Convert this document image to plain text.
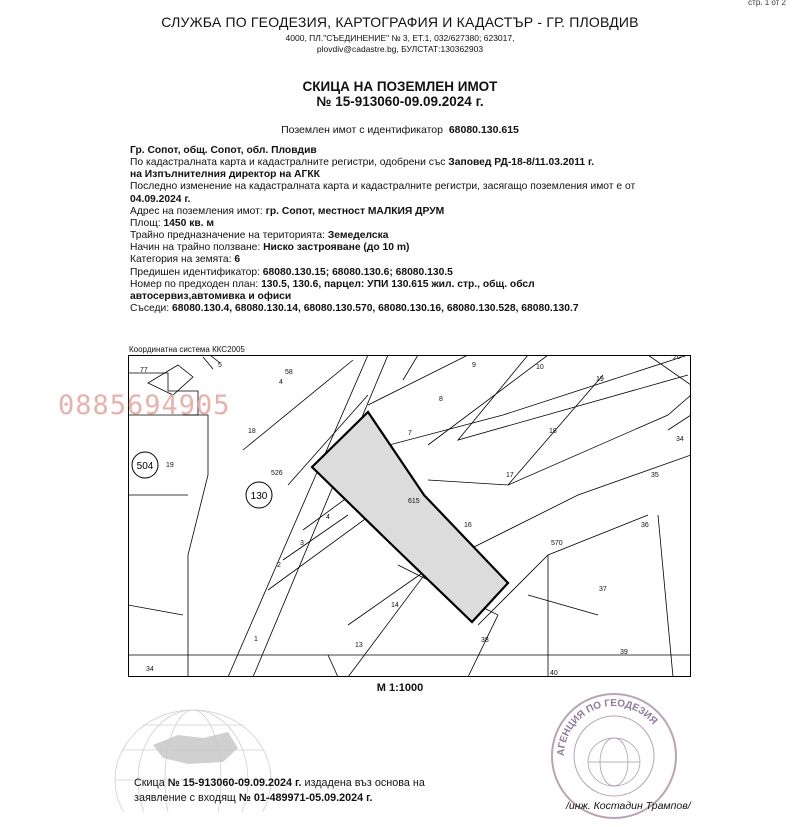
стр. 1 от 2
СЛУЖБА ПО ГЕОДЕЗИЯ, КАРТОГРАФИЯ И КАДАСТЪР - ГР. ПЛОВДИВ
4000, ПЛ."СЪЕДИНЕНИЕ" № 3, ЕТ.1, 032/627380; 623017,
plovdiv@cadastre.bg, БУЛСТАТ:130362903
СКИЦА НА ПОЗЕМЛЕН ИМОТ
№ 15-913060-09.09.2024 г.
Поземлен имот с идентификатор 68080.130.615
Гр. Сопот, общ. Сопот, обл. Пловдив
По кадастралната карта и кадастралните регистри, одобрени със Заповед РД-18-8/11.03.2011 г.
на Изпълнителния директор на АГКК
Последно изменение на кадастралната карта и кадастралните регистри, засягащо поземления имот е от
04.09.2024 г.
Адрес на поземления имот: гр. Сопот, местност МАЛКИЯ ДРУМ
Площ: 1450 кв. м
Трайно предназначение на територията: Земеделска
Начин на трайно ползване: Ниско застрояване (до 10 m)
Категория на земята: 6
Предишен идентификатор: 68080.130.15; 68080.130.6; 68080.130.5
Номер по предходен план: 130.5, 130.6, парцел: УПИ 130.615 жил. стр., общ. обсл
автосервиз,автомивка и офиси
Съседи: 68080.130.4, 68080.130.14, 68080.130.570, 68080.130.16, 68080.130.528, 68080.130.7
Координатна система ККС2005
77	58
5	9	10
20
19
8
18	18
34
19
526
7
17	35
615
4
16	36
3	570
2
37
14
1
13
38
39
40
34
4
504
130
0885694905
М 1:1000
АГЕНЦИЯ ПО ГЕОДЕЗИЯ
Скица № 15-913060-09.09.2024 г. издадена въз основа на
заявление с входящ № 01-489971-05.09.2024 г.
/инж. Костадин Трампов/
